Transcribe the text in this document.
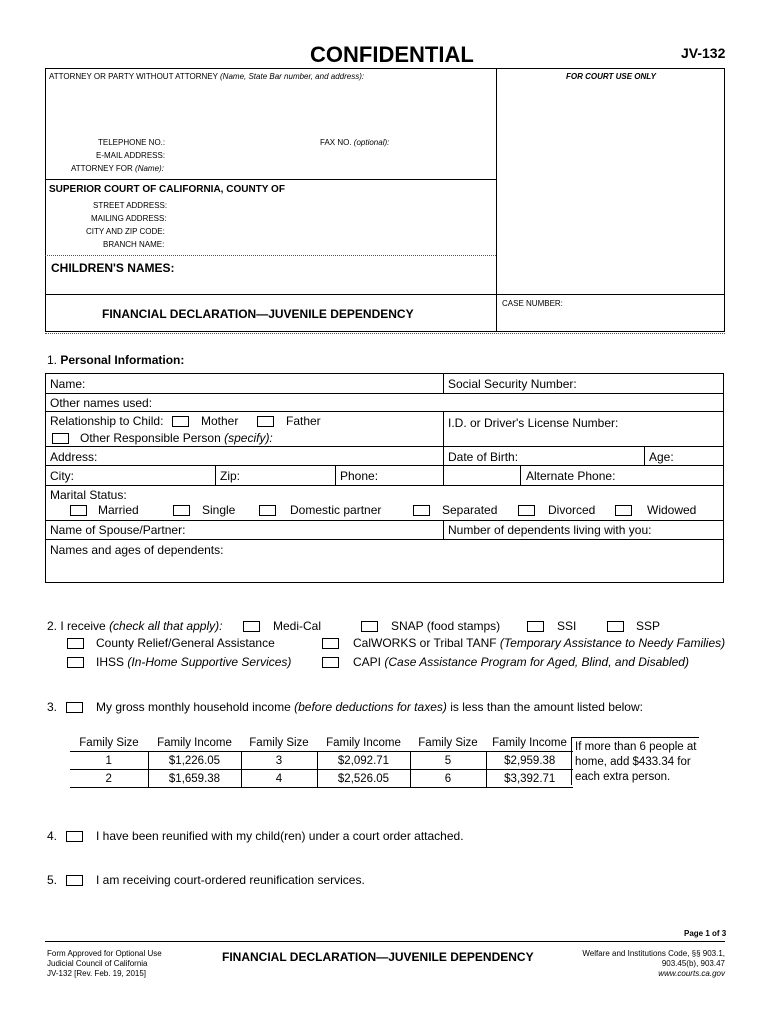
CONFIDENTIAL	JV-132
ATTORNEY OR PARTY WITHOUT ATTORNEY (Name, State Bar number, and address):	FOR COURT USE ONLY
TELEPHONE NO.:	FAX NO. (optional):
E-MAIL ADDRESS:
ATTORNEY FOR (Name):
SUPERIOR COURT OF CALIFORNIA, COUNTY OF
STREET ADDRESS:
MAILING ADDRESS:
CITY AND ZIP CODE:
BRANCH NAME:
CHILDREN'S NAMES:
FINANCIAL DECLARATION—JUVENILE DEPENDENCY
CASE NUMBER:
1. Personal Information:
Name:	Social Security Number:
Other names used:
Relationship to Child:	Mother	Father
Other Responsible Person (specify):
I.D. or Driver's License Number:
Address:	Date of Birth:	Age:
City:	Zip:	Phone:	Alternate Phone:
Marital Status:
Married	Single	Domestic partner	Separated	Divorced	Widowed
Name of Spouse/Partner:	Number of dependents living with you:
Names and ages of dependents:
2. I receive (check all that apply):	Medi-Cal	SNAP (food stamps)	SSI	SSP
County Relief/General Assistance	CalWORKS or Tribal TANF (Temporary Assistance to Needy Families)
IHSS (In-Home Supportive Services)	CAPI (Case Assistance Program for Aged, Blind, and Disabled)
3.	My gross monthly household income (before deductions for taxes) is less than the amount listed below:
Family Size	Family Income	Family Size	Family Income	Family Size	Family Income
1	$1,226.05	3	$2,092.71	5	$2,959.38
2	$1,659.38	4	$2,526.05	6	$3,392.71
If more than 6 people at
home, add $433.34 for
each extra person.
4.	I have been reunified with my child(ren) under a court order attached.
5.	I am receiving court-ordered reunification services.
Page 1 of 3
Form Approved for Optional Use
Judicial Council of California
JV-132 [Rev. Feb. 19, 2015]
FINANCIAL DECLARATION—JUVENILE DEPENDENCY	Welfare and Institutions Code, §§ 903.1,
903.45(b), 903.47
www.courts.ca.gov
